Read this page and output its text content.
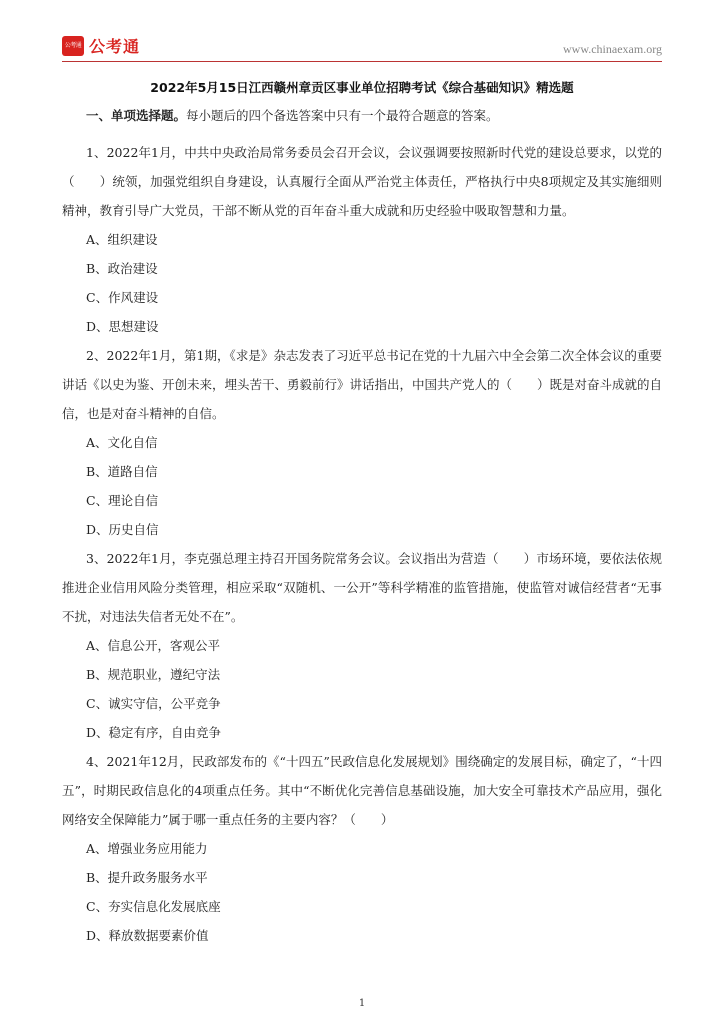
公考通 公考通	www.chinaexam.org
2022年5月15日江西赣州章贡区事业单位招聘考试《综合基础知识》精选题

一、单项选择题。每小题后的四个备选答案中只有一个最符合题意的答案。

1、2022年1月，中共中央政治局常务委员会召开会议，会议强调要按照新时代党的建设总要求，以党的（　　）统领，加强党组织自身建设，认真履行全面从严治党主体责任，严格执行中央8项规定及其实施细则精神，教育引导广大党员，干部不断从党的百年奋斗重大成就和历史经验中吸取智慧和力量。

A、组织建设

B、政治建设

C、作风建设

D、思想建设

2、2022年1月，第1期，《求是》杂志发表了习近平总书记在党的十九届六中全会第二次全体会议的重要讲话《以史为鉴、开创未来，埋头苦干、勇毅前行》讲话指出，中国共产党人的（　　）既是对奋斗成就的自信，也是对奋斗精神的自信。

A、文化自信

B、道路自信

C、理论自信

D、历史自信

3、2022年1月，李克强总理主持召开国务院常务会议。会议指出为营造（　　）市场环境，要依法依规推进企业信用风险分类管理，相应采取“双随机、一公开”等科学精准的监管措施，使监管对诚信经营者“无事不扰，对违法失信者无处不在”。

A、信息公开，客观公平

B、规范职业，遵纪守法

C、诚实守信，公平竞争

D、稳定有序，自由竞争

4、2021年12月，民政部发布的《“十四五”民政信息化发展规划》围绕确定的发展目标，确定了，“十四五”，时期民政信息化的4项重点任务。其中“不断优化完善信息基础设施，加大安全可靠技术产品应用，强化网络安全保障能力”属于哪一重点任务的主要内容？（　　）

A、增强业务应用能力

B、提升政务服务水平

C、夯实信息化发展底座

D、释放数据要素价值

1
